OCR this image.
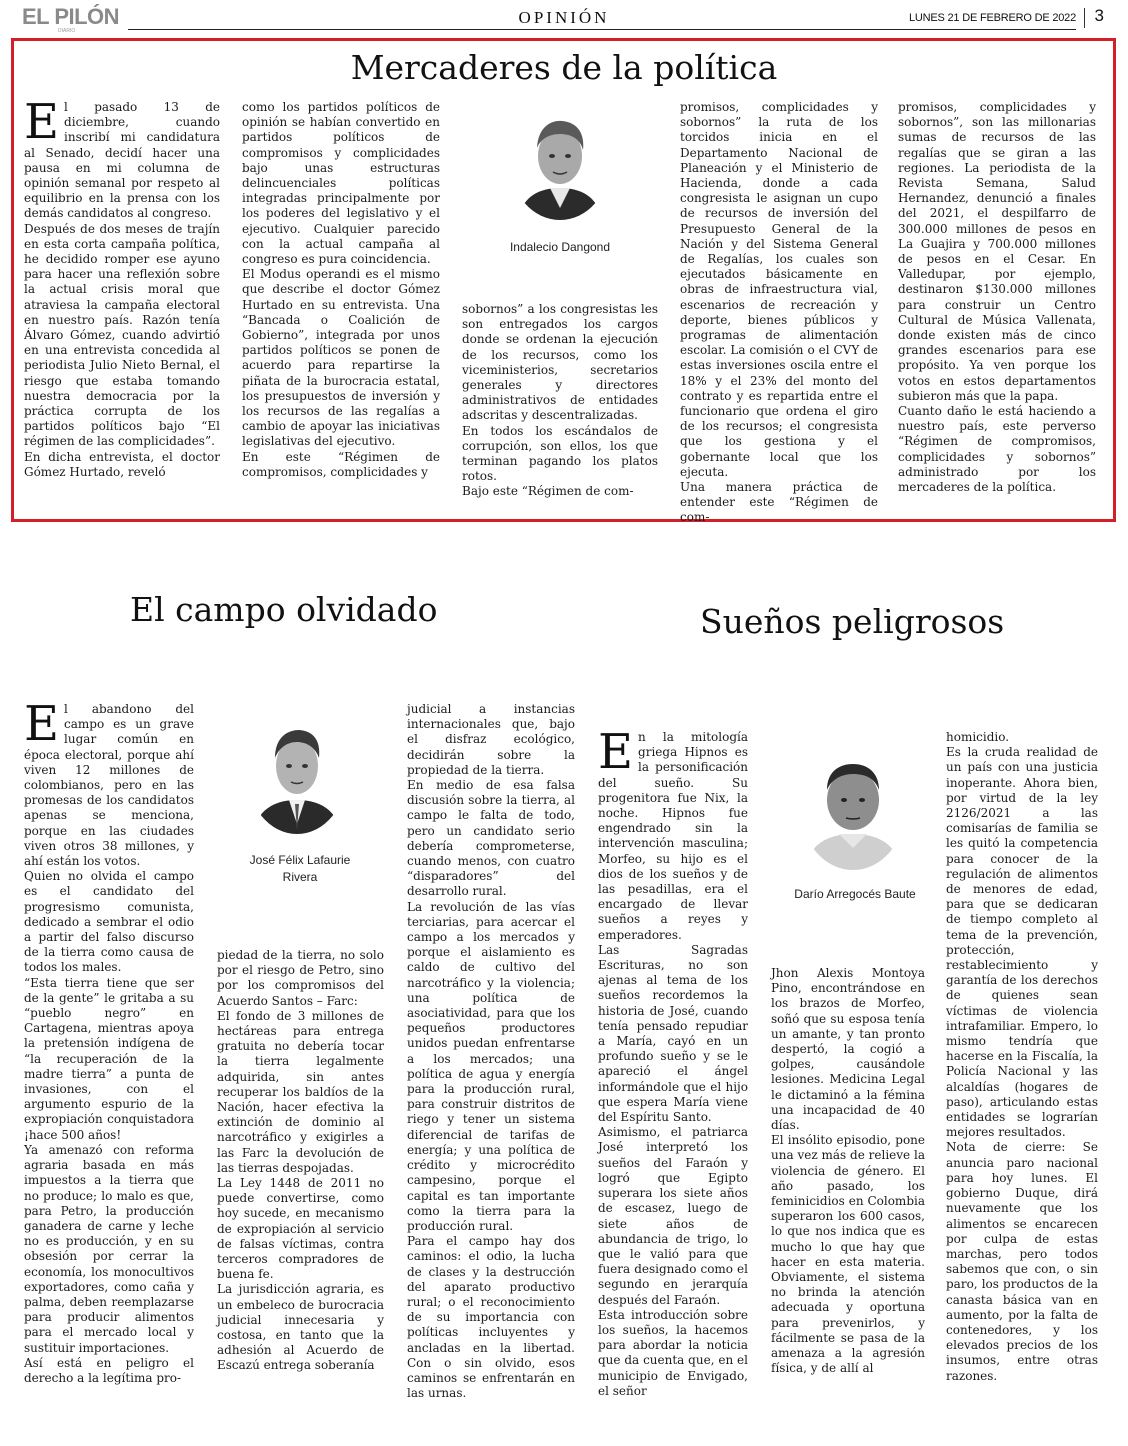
EL PILÓN
DIARIO
OPINIÓN	LUNES 21 DE FEBRERO DE 2022 3
Mercaderes de la política

El pasado 13 de diciembre, cuando inscribí mi candidatura al Senado, decidí hacer una pausa en mi columna de opinión semanal por respeto al equilibrio en la prensa con los demás candidatos al congreso.

Después de dos meses de trajín en esta corta campaña política, he decidido romper ese ayuno para hacer una reflexión sobre la actual crisis moral que atraviesa la campaña electoral en nuestro país. Razón tenía Álvaro Gómez, cuando advirtió en una entrevista concedida al periodista Julio Nieto Bernal, el riesgo que estaba tomando nuestra democracia por la práctica corrupta de los partidos políticos bajo “El régimen de las complicidades”.

En dicha entrevista, el doctor Gómez Hurtado, reveló

como los partidos políticos de opinión se habían convertido en partidos políticos de compromisos y complicidades bajo unas estructuras delincuenciales políticas integradas principalmente por los poderes del legislativo y el ejecutivo. Cualquier parecido con la actual campaña al congreso es pura coincidencia.

El Modus operandi es el mismo que describe el doctor Gómez Hurtado en su entrevista. Una “Bancada o Coalición de Gobierno”, integrada por unos partidos políticos se ponen de acuerdo para repartirse la piñata de la burocracia estatal, los presupuestos de inversión y los recursos de las regalías a cambio de apoyar las iniciativas legislativas del ejecutivo.

En este “Régimen de compromisos, complicidades y

Indalecio Dangond

sobornos” a los congresistas les son entregados los cargos donde se ordenan la ejecución de los recursos, como los viceministerios, secretarios generales y directores administrativos de entidades adscritas y descentralizadas.

En todos los escándalos de corrupción, son ellos, los que terminan pagando los platos rotos.

Bajo este “Régimen de com-

promisos, complicidades y sobornos” la ruta de los torcidos inicia en el Departamento Nacional de Planeación y el Ministerio de Hacienda, donde a cada congresista le asignan un cupo de recursos de inversión del Presupuesto General de la Nación y del Sistema General de Regalías, los cuales son ejecutados básicamente en obras de infraestructura vial, escenarios de recreación y deporte, bienes públicos y programas de alimentación escolar. La comisión o el CVY de estas inversiones oscila entre el 18% y el 23% del monto del contrato y es repartida entre el funcionario que ordena el giro de los recursos; el congresista que los gestiona y el gobernante local que los ejecuta.

Una manera práctica de entender este “Régimen de com-

promisos, complicidades y sobornos”, son las millonarias sumas de recursos de las regalías que se giran a las regiones. La periodista de la Revista Semana, Salud Hernandez, denunció a finales del 2021, el despilfarro de 300.000 millones de pesos en La Guajira y 700.000 millones de pesos en el Cesar. En Valledupar, por ejemplo, destinaron $130.000 millones para construir un Centro Cultural de Música Vallenata, donde existen más de cinco grandes escenarios para ese propósito. Ya ven porque los votos en estos departamentos subieron más que la papa.

Cuanto daño le está haciendo a nuestro país, este perverso “Régimen de compromisos, complicidades y sobornos” administrado por los mercaderes de la política.

El campo olvidado

El abandono del campo es un grave lugar común en época electoral, porque ahí viven 12 millones de colombianos, pero en las promesas de los candidatos apenas se menciona, porque en las ciudades viven otros 38 millones, y ahí están los votos.

Quien no olvida el campo es el candidato del progresismo comunista, dedicado a sembrar el odio a partir del falso discurso de la tierra como causa de todos los males.

“Esta tierra tiene que ser de la gente” le gritaba a su “pueblo negro” en Cartagena, mientras apoya la pretensión indígena de “la recuperación de la madre tierra” a punta de invasiones, con el argumento espurio de la expropiación conquistadora ¡hace 500 años!

Ya amenazó con reforma agraria basada en más impuestos a la tierra que no produce; lo malo es que, para Petro, la producción ganadera de carne y leche no es producción, y en su obsesión por cerrar la economía, los monocultivos exportadores, como caña y palma, deben reemplazarse para producir alimentos para el mercado local y sustituir importaciones.

Así está en peligro el derecho a la legítima pro-

José Félix Lafaurie
Rivera

piedad de la tierra, no solo por el riesgo de Petro, sino por los compromisos del Acuerdo Santos – Farc:

El fondo de 3 millones de hectáreas para entrega gratuita no debería tocar la tierra legalmente adquirida, sin antes recuperar los baldíos de la Nación, hacer efectiva la extinción de dominio al narcotráfico y exigirles a las Farc la devolución de las tierras despojadas.

La Ley 1448 de 2011 no puede convertirse, como hoy sucede, en mecanismo de expropiación al servicio de falsas víctimas, contra terceros compradores de buena fe.

La jurisdicción agraria, es un embeleco de burocracia judicial innecesaria y costosa, en tanto que la adhesión al Acuerdo de Escazú entrega soberanía

judicial a instancias internacionales que, bajo el disfraz ecológico, decidirán sobre la propiedad de la tierra.

En medio de esa falsa discusión sobre la tierra, al campo le falta de todo, pero un candidato serio debería comprometerse, cuando menos, con cuatro “disparadores” del desarrollo rural.

La revolución de las vías terciarias, para acercar el campo a los mercados y porque el aislamiento es caldo de cultivo del narcotráfico y la violencia; una política de asociatividad, para que los pequeños productores unidos puedan enfrentarse a los mercados; una política de agua y energía para la producción rural, para construir distritos de riego y tener un sistema diferencial de tarifas de energía; y una política de crédito y microcrédito campesino, porque el capital es tan importante como la tierra para la producción rural.

Para el campo hay dos caminos: el odio, la lucha de clases y la destrucción del aparato productivo rural; o el reconocimiento de su importancia con políticas incluyentes y ancladas en la libertad. Con o sin olvido, esos caminos se enfrentarán en las urnas.

Sueños peligrosos

En la mitología griega Hipnos es la personificación del sueño. Su progenitora fue Nix, la noche. Hipnos fue engendrado sin la intervención masculina; Morfeo, su hijo es el dios de los sueños y de las pesadillas, era el encargado de llevar sueños a reyes y emperadores.

Las Sagradas Escrituras, no son ajenas al tema de los sueños recordemos la historia de José, cuando tenía pensado repudiar a María, cayó en un profundo sueño y se le apareció el ángel informándole que el hijo que espera María viene del Espíritu Santo.

Asimismo, el patriarca José interpretó los sueños del Faraón y logró que Egipto superara los siete años de escasez, luego de siete años de abundancia de trigo, lo que le valió para que fuera designado como el segundo en jerarquía después del Faraón.

Esta introducción sobre los sueños, la hacemos para abordar la noticia que da cuenta que, en el municipio de Envigado, el señor

Darío Arregocés Baute

Jhon Alexis Montoya Pino, encontrándose en los brazos de Morfeo, soñó que su esposa tenía un amante, y tan pronto despertó, la cogió a golpes, causándole lesiones. Medicina Legal le dictaminó a la fémina una incapacidad de 40 días.

El insólito episodio, pone una vez más de relieve la violencia de género. El año pasado, los feminicidios en Colombia superaron los 600 casos, lo que nos indica que es mucho lo que hay que hacer en esta materia. Obviamente, el sistema no brinda la atención adecuada y oportuna para prevenirlos, y fácilmente se pasa de la amenaza a la agresión física, y de allí al

homicidio.

Es la cruda realidad de un país con una justicia inoperante. Ahora bien, por virtud de la ley 2126/2021 a las comisarías de familia se les quitó la competencia para conocer de la regulación de alimentos de menores de edad, para que se dedicaran de tiempo completo al tema de la prevención, protección, restablecimiento y garantía de los derechos de quienes sean víctimas de violencia intrafamiliar. Empero, lo mismo tendría que hacerse en la Fiscalía, la Policía Nacional y las alcaldías (hogares de paso), articulando estas entidades se lograrían mejores resultados.

Nota de cierre: Se anuncia paro nacional para hoy lunes. El gobierno Duque, dirá nuevamente que los alimentos se encarecen por culpa de estas marchas, pero todos sabemos que con, o sin paro, los productos de la canasta básica van en aumento, por la falta de contenedores, y los elevados precios de los insumos, entre otras razones.
